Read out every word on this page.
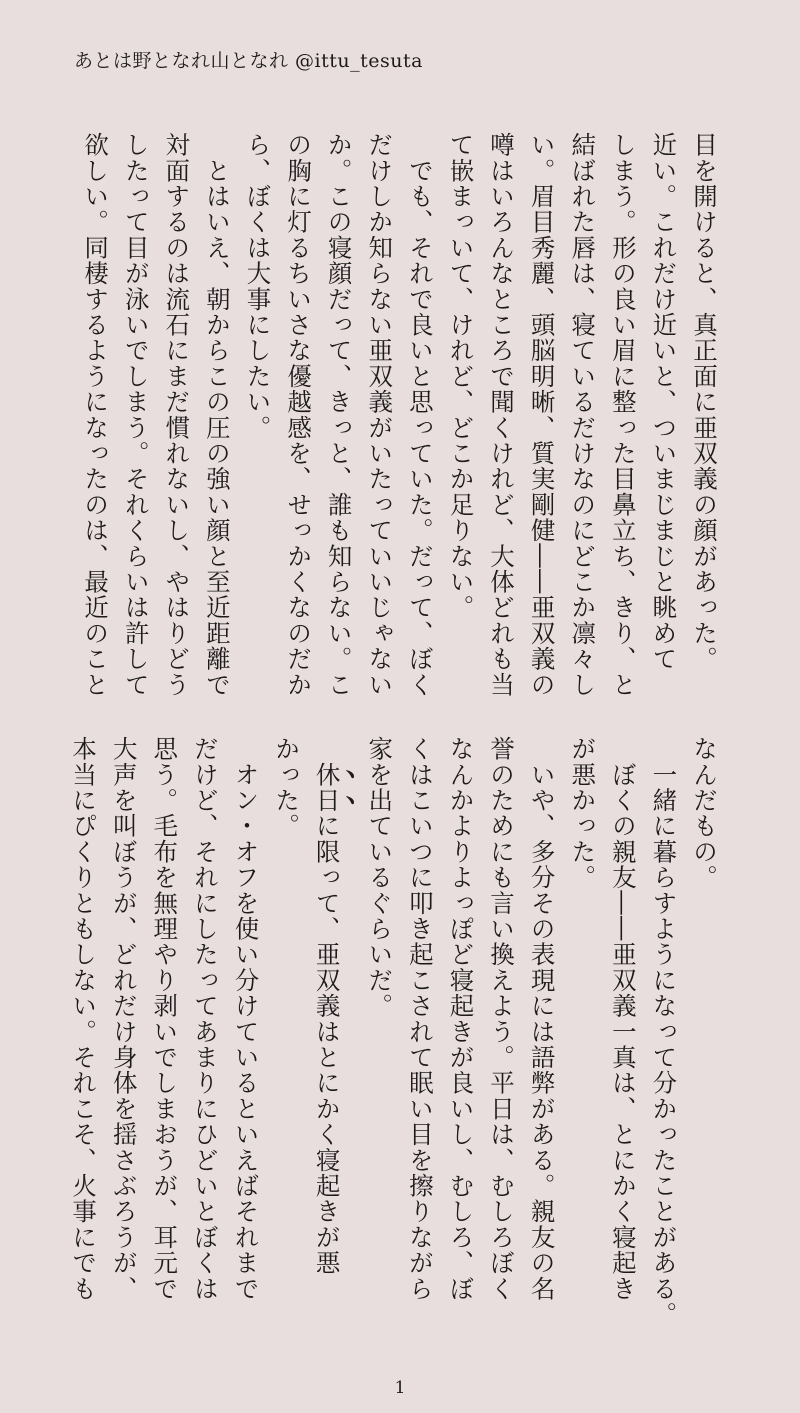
あとは野となれ山となれ @ittu_tesuta

目を開けると、真正面に亜双義の顔があった。

近い。これだけ近いと、ついまじまじと眺めて

しまう。形の良い眉に整った目鼻立ち、きり、と

結ばれた唇は、寝ているだけなのにどこか凛々し

い。眉目秀麗、頭脳明晰、質実剛健――亜双義の

噂はいろんなところで聞くけれど、大体どれも当

て嵌まっいて、けれど、どこか足りない。

　でも、それで良いと思っていた。だって、ぼく

だけしか知らない亜双義がいたっていいじゃない

か。この寝顔だって、きっと、誰も知らない。こ

の胸に灯るちいさな優越感を、せっかくなのだか

ら、ぼくは大事にしたい。

　とはいえ、朝からこの圧の強い顔と至近距離で

対面するのは流石にまだ慣れないし、やはりどう

したって目が泳いでしまう。それくらいは許して

欲しい。同棲するようになったのは、最近のこと

なんだもの。

　一緒に暮らすようになって分かったことがある。

　ぼくの親友――亜双義一真は、とにかく寝起き

が悪かった。

　いや、多分その表現には語弊がある。親友の名

誉のためにも言い換えよう。平日は、むしろぼく

なんかよりよっぽど寝起きが良いし、むしろ、ぼ

くはこいつに叩き起こされて眠い目を擦りながら

家を出ているぐらいだ。

　休日に限って、亜双義はとにかく寝起きが悪

かった。

　オン・オフを使い分けているといえばそれまで

だけど、それにしたってあまりにひどいとぼくは

思う。毛布を無理やり剥いでしまおうが、耳元で

大声を叫ぼうが、どれだけ身体を揺さぶろうが、

本当にぴくりともしない。それこそ、火事にでも

1
